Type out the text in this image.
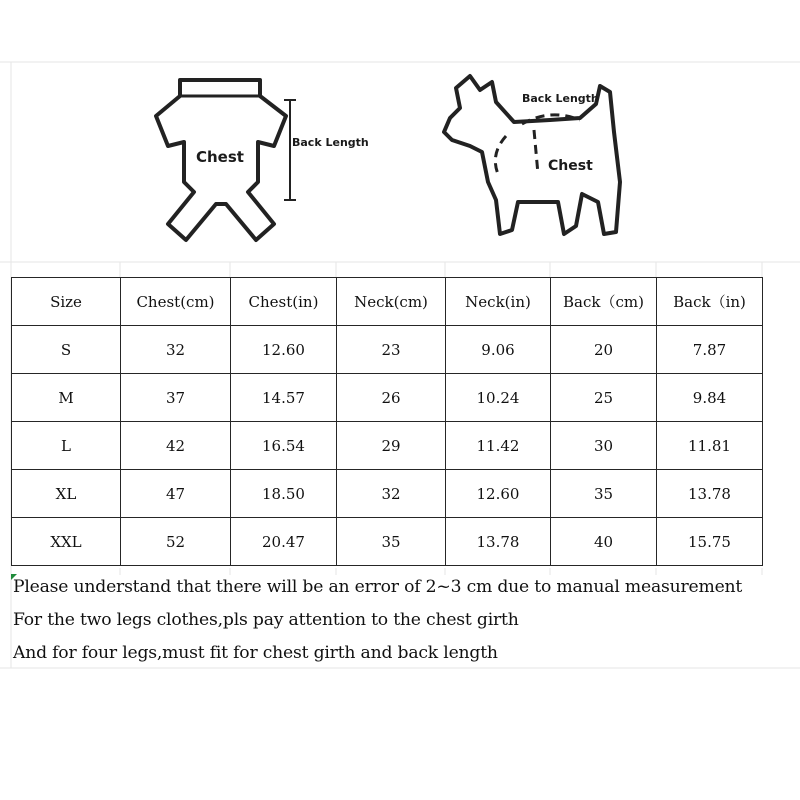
Chest
Back Length
Back Length
Chest
Size	Chest(cm)	Chest(in)	Neck(cm)	Neck(in)	Back（cm)	Back（in)
S	32	12.60	23	9.06	20	7.87
M	37	14.57	26	10.24	25	9.84
L	42	16.54	29	11.42	30	11.81
XL	47	18.50	32	12.60	35	13.78
XXL	52	20.47	35	13.78	40	15.75
Please understand that there will be an error of 2~3 cm due to manual measurement
For the two legs clothes,pls pay attention to the chest girth
And for four legs,must fit for chest girth and back length
